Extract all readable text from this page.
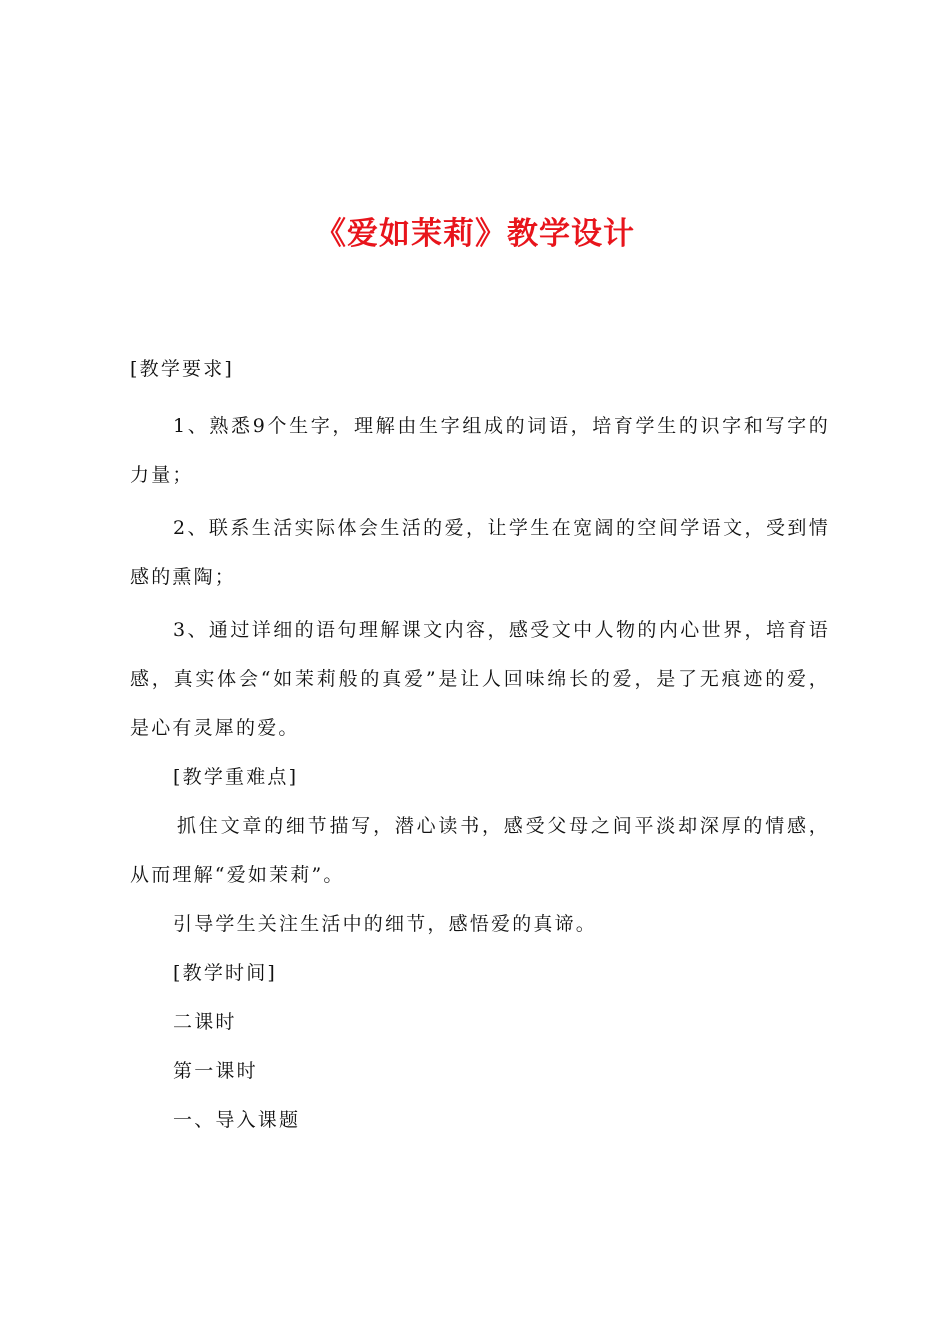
《爱如茉莉》教学设计

[教学要求]

1、熟悉9个生字，理解由生字组成的词语，培育学生的识字和写字的力量；

2、联系生活实际体会生活的爱，让学生在宽阔的空间学语文，受到情感的熏陶；

3、通过详细的语句理解课文内容，感受文中人物的内心世界，培育语感，真实体会“如茉莉般的真爱”是让人回味绵长的爱，是了无痕迹的爱，是心有灵犀的爱。

[教学重难点]

抓住文章的细节描写，潜心读书，感受父母之间平淡却深厚的情感，从而理解“爱如茉莉”。

引导学生关注生活中的细节，感悟爱的真谛。

[教学时间]

二课时

第一课时

一、导入课题
